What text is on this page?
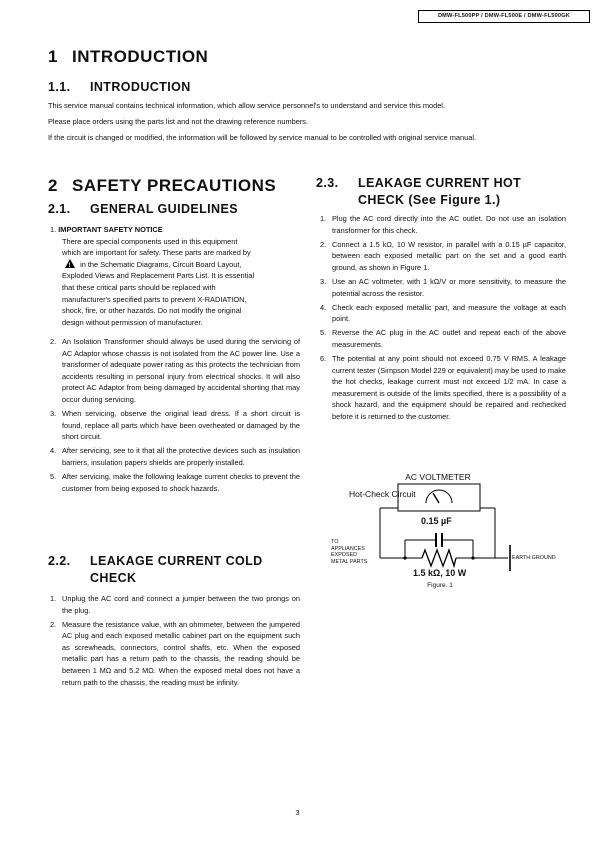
DMW-FL500PP / DMW-FL500E / DMW-FL500GK
1 INTRODUCTION
1.1. INTRODUCTION
This service manual contains technical information, which allow service personnel's to understand and service this model.
Please place orders using the parts list and not the drawing reference numbers.
If the circuit is changed or modified, the information will be followed by service manual to be controlled with original service manual.
2 SAFETY PRECAUTIONS
2.1. GENERAL GUIDELINES
1. IMPORTANT SAFETY NOTICE
There are special components used in this equipment
which are important for safety. These parts are marked by
! in the Schematic Diagrams, Circuit Board Layout,
Exploded Views and Replacement Parts List. It is essential
that these critical parts should be replaced with
manufacturer's specified parts to prevent X-RADIATION,
shock, fire, or other hazards. Do not modify the original
design without permission of manufacturer.
2. An Isolation Transformer should always be used during the servicing of AC Adaptor whose chassis is not isolated from the AC power line. Use a transformer of adequate power rating as this protects the technician from accidents resulting in personal injury from electrical shocks. It will also protect AC Adaptor from being damaged by accidental shorting that may occur during servicing.
3. When servicing, observe the original lead dress. If a short circuit is found, replace all parts which have been overheated or damaged by the short circuit.
4. After servicing, see to it that all the protective devices such as insulation barriers, insulation papers shields are properly installed.
5. After servicing, make the following leakage current checks to prevent the customer from being exposed to shock hazards.
2.2. LEAKAGE CURRENT COLD
CHECK
1. Unplug the AC cord and connect a jumper between the two prongs on the plug.
2. Measure the resistance value, with an ohmmeter, between the jumpered AC plug and each exposed metallic cabinet part on the equipment such as screwheads, connectors, control shafts, etc. When the exposed metallic part has a return path to the chassis, the reading should be between 1 MΩ and 5.2 MΩ. When the exposed metal does not have a return path to the chassis, the reading must be infinity.
2.3. LEAKAGE CURRENT HOT
CHECK (See Figure 1.)
1. Plug the AC cord directly into the AC outlet. Do not use an isolation transformer for this check.
2. Connect a 1.5 kΩ, 10 W resistor, in parallel with a 0.15 µF capacitor, between each exposed metallic part on the set and a good earth ground, as shown in Figure 1.
3. Use an AC voltmeter, with 1 kΩ/V or more sensitivity, to measure the potential across the resistor.
4. Check each exposed metallic part, and measure the voltage at each point.
5. Reverse the AC plug in the AC outlet and repeat each of the above measurements.
6. The potential at any point should not exceed 0.75 V RMS. A leakage current tester (Simpson Model 229 or equivalent) may be used to make the hot checks, leakage current must not exceed 1/2 mA. In case a measurement is outside of the limits specified, there is a possibility of a shock hazard, and the equipment should be repaired and rechecked before it is returned to the customer.
Hot-Check Circuit
AC VOLTMETER
0.15 µF
1.5 kΩ, 10 W
TO
APPLIANCES
EXPOSED
METAL PARTS
EARTH GROUND
Figure. 1
3
